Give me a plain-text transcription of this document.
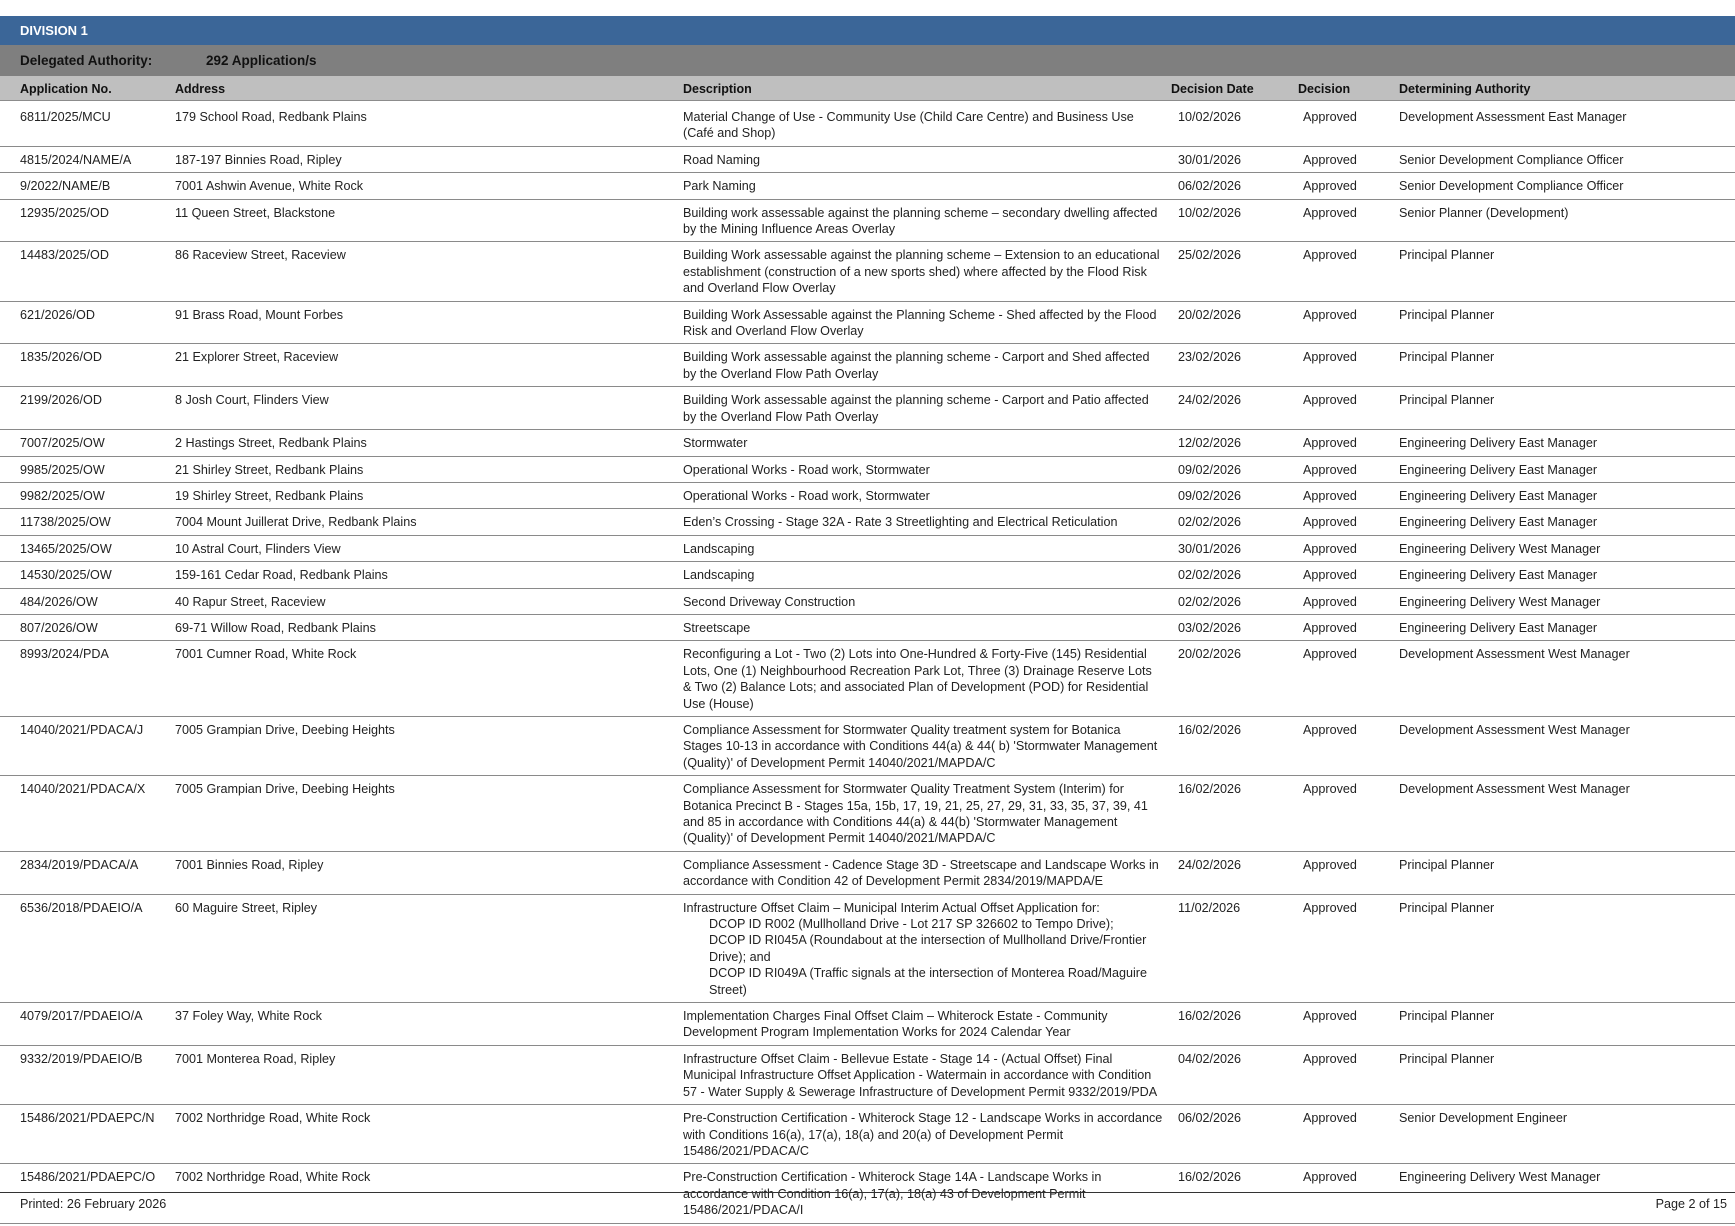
DIVISION 1
Delegated Authority:	292 Application/s
Application No.	Address	Description	Decision Date	Decision	Determining Authority
6811/2025/MCU	179 School Road, Redbank Plains	Material Change of Use - Community Use (Child Care Centre) and Business Use (Café and Shop)	10/02/2026	Approved	Development Assessment East Manager
4815/2024/NAME/A	187-197 Binnies Road, Ripley	Road Naming	30/01/2026	Approved	Senior Development Compliance Officer
9/2022/NAME/B	7001 Ashwin Avenue, White Rock	Park Naming	06/02/2026	Approved	Senior Development Compliance Officer
12935/2025/OD	11 Queen Street, Blackstone	Building work assessable against the planning scheme – secondary dwelling affected by the Mining Influence Areas Overlay	10/02/2026	Approved	Senior Planner (Development)
14483/2025/OD	86 Raceview Street, Raceview	Building Work assessable against the planning scheme – Extension to an educational establishment (construction of a new sports shed) where affected by the Flood Risk and Overland Flow Overlay	25/02/2026	Approved	Principal Planner
621/2026/OD	91 Brass Road, Mount Forbes	Building Work Assessable against the Planning Scheme - Shed affected by the Flood Risk and Overland Flow Overlay	20/02/2026	Approved	Principal Planner
1835/2026/OD	21 Explorer Street, Raceview	Building Work assessable against the planning scheme - Carport and Shed affected by the Overland Flow Path Overlay	23/02/2026	Approved	Principal Planner
2199/2026/OD	8 Josh Court, Flinders View	Building Work assessable against the planning scheme - Carport and Patio affected by the Overland Flow Path Overlay	24/02/2026	Approved	Principal Planner
7007/2025/OW	2 Hastings Street, Redbank Plains	Stormwater	12/02/2026	Approved	Engineering Delivery East Manager
9985/2025/OW	21 Shirley Street, Redbank Plains	Operational Works - Road work, Stormwater	09/02/2026	Approved	Engineering Delivery East Manager
9982/2025/OW	19 Shirley Street, Redbank Plains	Operational Works - Road work, Stormwater	09/02/2026	Approved	Engineering Delivery East Manager
11738/2025/OW	7004 Mount Juillerat Drive, Redbank Plains	Eden’s Crossing - Stage 32A - Rate 3 Streetlighting and Electrical Reticulation	02/02/2026	Approved	Engineering Delivery East Manager
13465/2025/OW	10 Astral Court, Flinders View	Landscaping	30/01/2026	Approved	Engineering Delivery West Manager
14530/2025/OW	159-161 Cedar Road, Redbank Plains	Landscaping	02/02/2026	Approved	Engineering Delivery East Manager
484/2026/OW	40 Rapur Street, Raceview	Second Driveway Construction	02/02/2026	Approved	Engineering Delivery West Manager
807/2026/OW	69-71 Willow Road, Redbank Plains	Streetscape	03/02/2026	Approved	Engineering Delivery East Manager
8993/2024/PDA	7001 Cumner Road, White Rock	Reconfiguring a Lot - Two (2) Lots into One-Hundred & Forty-Five (145) Residential Lots, One (1) Neighbourhood Recreation Park Lot, Three (3) Drainage Reserve Lots & Two (2) Balance Lots; and associated Plan of Development (POD) for Residential Use (House)	20/02/2026	Approved	Development Assessment West Manager
14040/2021/PDACA/J	7005 Grampian Drive, Deebing Heights	Compliance Assessment for Stormwater Quality treatment system for Botanica Stages 10-13 in accordance with Conditions 44(a) & 44( b) 'Stormwater Management (Quality)' of Development Permit 14040/2021/MAPDA/C	16/02/2026	Approved	Development Assessment West Manager
14040/2021/PDACA/X	7005 Grampian Drive, Deebing Heights	Compliance Assessment for Stormwater Quality Treatment System (Interim) for Botanica Precinct B - Stages 15a, 15b, 17, 19, 21, 25, 27, 29, 31, 33, 35, 37, 39, 41 and 85 in accordance with Conditions 44(a) & 44(b) 'Stormwater Management (Quality)' of Development Permit 14040/2021/MAPDA/C	16/02/2026	Approved	Development Assessment West Manager
2834/2019/PDACA/A	7001 Binnies Road, Ripley	Compliance Assessment - Cadence Stage 3D - Streetscape and Landscape Works in accordance with Condition 42 of Development Permit 2834/2019/MAPDA/E	24/02/2026	Approved	Principal Planner
6536/2018/PDAEIO/A	60 Maguire Street, Ripley	Infrastructure Offset Claim – Municipal Interim Actual Offset Application for:
DCOP ID R002 (Mullholland Drive - Lot 217 SP 326602 to Tempo Drive);
DCOP ID RI045A (Roundabout at the intersection of Mullholland Drive/Frontier Drive); and
DCOP ID RI049A (Traffic signals at the intersection of Monterea Road/Maguire Street)	11/02/2026	Approved	Principal Planner
4079/2017/PDAEIO/A	37 Foley Way, White Rock	Implementation Charges Final Offset Claim – Whiterock Estate - Community Development Program Implementation Works for 2024 Calendar Year	16/02/2026	Approved	Principal Planner
9332/2019/PDAEIO/B	7001 Monterea Road, Ripley	Infrastructure Offset Claim - Bellevue Estate - Stage 14 - (Actual Offset) Final Municipal Infrastructure Offset Application - Watermain in accordance with Condition 57 - Water Supply & Sewerage Infrastructure of Development Permit 9332/2019/PDA	04/02/2026	Approved	Principal Planner
15486/2021/PDAEPC/N	7002 Northridge Road, White Rock	Pre-Construction Certification - Whiterock Stage 12 - Landscape Works in accordance with Conditions 16(a), 17(a), 18(a) and 20(a) of Development Permit 15486/2021/PDACA/C	06/02/2026	Approved	Senior Development Engineer
15486/2021/PDAEPC/O	7002 Northridge Road, White Rock	Pre-Construction Certification - Whiterock Stage 14A - Landscape Works in accordance with Condition 16(a), 17(a), 18(a) 43 of Development Permit 15486/2021/PDACA/I	16/02/2026	Approved	Engineering Delivery West Manager
Printed: 26 February 2026	Page 2 of 15
